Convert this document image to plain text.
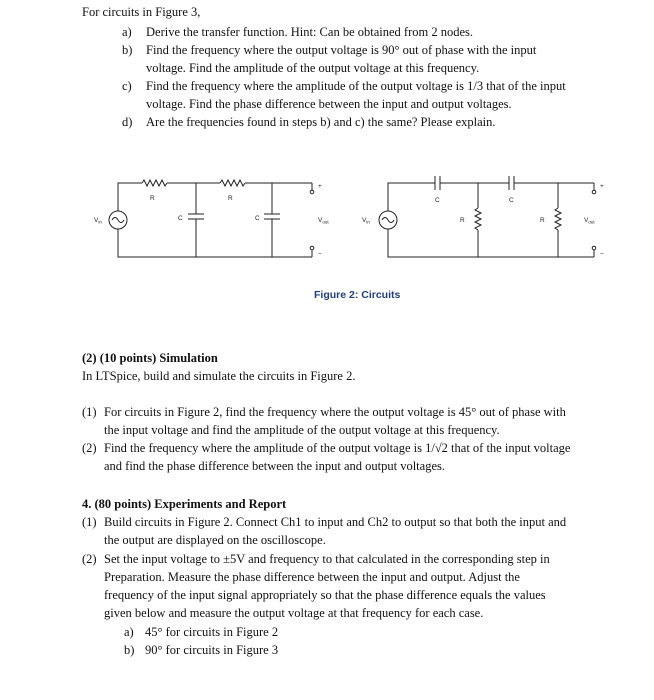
For circuits in Figure 3,
a) Derive the transfer function. Hint: Can be obtained from 2 nodes.
b) Find the frequency where the output voltage is 90° out of phase with the input
voltage. Find the amplitude of the output voltage at this frequency.
c) Find the frequency where the amplitude of the output voltage is 1/3 that of the input
voltage. Find the phase difference between the input and output voltages.
d) Are the frequencies found in steps b) and c) the same? Please explain.
R	R
C	C
$V_{in}$	$V_{out}$
+
−
C	C
R	R
$V_{in}$	$V_{out}$
+
−
Figure 2: Circuits
(2) (10 points) Simulation
In LTSpice, build and simulate the circuits in Figure 2.
(1) For circuits in Figure 2, find the frequency where the output voltage is 45° out of phase with
the input voltage and find the amplitude of the output voltage at this frequency.
(2) Find the frequency where the amplitude of the output voltage is 1/√2 that of the input voltage
and find the phase difference between the input and output voltages.
4. (80 points) Experiments and Report
(1) Build circuits in Figure 2. Connect Ch1 to input and Ch2 to output so that both the input and
the output are displayed on the oscilloscope.
(2) Set the input voltage to ±5V and frequency to that calculated in the corresponding step in
Preparation. Measure the phase difference between the input and output. Adjust the
frequency of the input signal appropriately so that the phase difference equals the values
given below and measure the output voltage at that frequency for each case.
a) 45° for circuits in Figure 2
b) 90° for circuits in Figure 3
